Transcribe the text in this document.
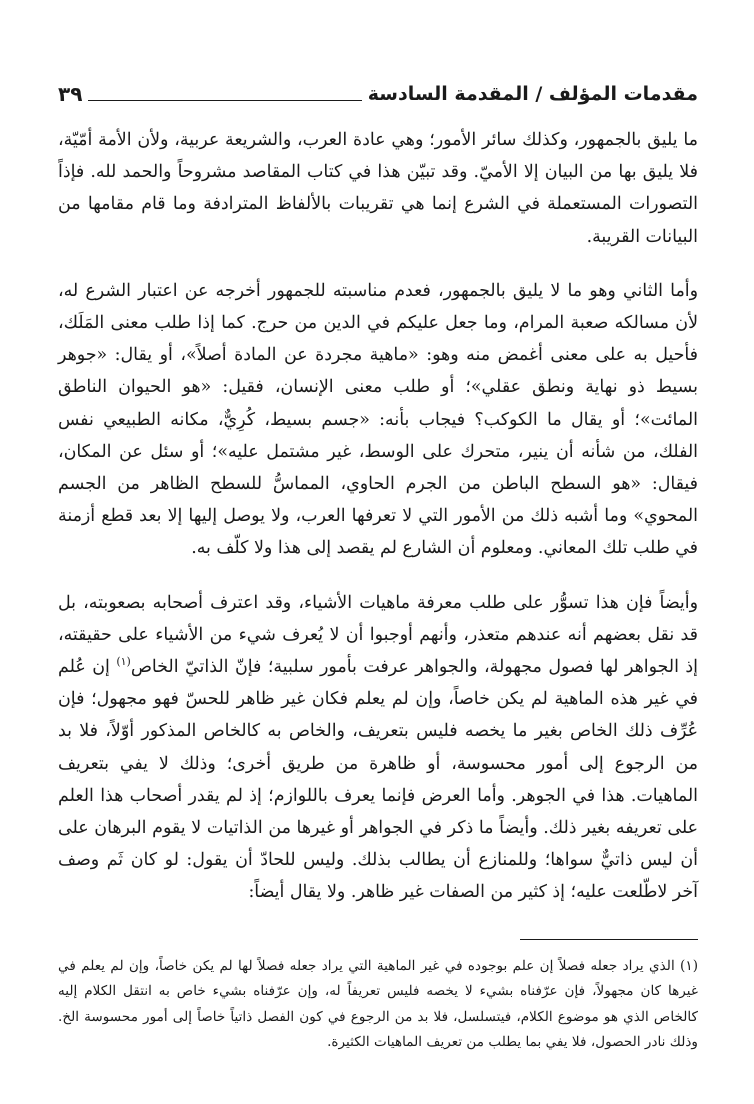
مقدمات المؤلف / المقدمة السادسة
٣٩

ما يليق بالجمهور، وكذلك سائر الأمور؛ وهي عادة العرب، والشريعة عربية، ولأن الأمة أمّيّة، فلا يليق بها من البيان إلا الأميّ. وقد تبيّن هذا في كتاب المقاصد مشروحاً والحمد لله. فإذاً التصورات المستعملة في الشرع إنما هي تقريبات بالألفاظ المترادفة وما قام مقامها من البيانات القريبة.

وأما الثاني وهو ما لا يليق بالجمهور، فعدم مناسبته للجمهور أخرجه عن اعتبار الشرع له، لأن مسالكه صعبة المرام، وما جعل عليكم في الدين من حرج. كما إذا طلب معنى المَلَك، فأحيل به على معنى أغمض منه وهو: «ماهية مجردة عن المادة أصلاً»، أو يقال: «جوهر بسيط ذو نهاية ونطق عقلي»؛ أو طلب معنى الإنسان، فقيل: «هو الحيوان الناطق المائت»؛ أو يقال ما الكوكب؟ فيجاب بأنه: «جسم بسيط، كُرِيٌّ، مكانه الطبيعي نفس الفلك، من شأنه أن ينير، متحرك على الوسط، غير مشتمل عليه»؛ أو سئل عن المكان، فيقال: «هو السطح الباطن من الجرم الحاوي، المماسُّ للسطح الظاهر من الجسم المحوي» وما أشبه ذلك من الأمور التي لا تعرفها العرب، ولا يوصل إليها إلا بعد قطع أزمنة في طلب تلك المعاني. ومعلوم أن الشارع لم يقصد إلى هذا ولا كلّف به.

وأيضاً فإن هذا تسوُّر على طلب معرفة ماهيات الأشياء، وقد اعترف أصحابه بصعوبته، بل قد نقل بعضهم أنه عندهم متعذر، وأنهم أوجبوا أن لا يُعرف شيء من الأشياء على حقيقته، إذ الجواهر لها فصول مجهولة، والجواهر عرفت بأمور سلبية؛ فإنّ الذاتيّ الخاص$^{(١)}$ إن عُلم في غير هذه الماهية لم يكن خاصاً، وإن لم يعلم فكان غير ظاهر للحسّ فهو مجهول؛ فإن عُرِّف ذلك الخاص بغير ما يخصه فليس بتعريف، والخاص به كالخاص المذكور أوّلاً، فلا بد من الرجوع إلى أمور محسوسة، أو ظاهرة من طريق أخرى؛ وذلك لا يفي بتعريف الماهيات. هذا في الجوهر. وأما العرض فإنما يعرف باللوازم؛ إذ لم يقدر أصحاب هذا العلم على تعريفه بغير ذلك. وأيضاً ما ذكر في الجواهر أو غيرها من الذاتيات لا يقوم البرهان على أن ليس ذاتيٌّ سواها؛ وللمنازع أن يطالب بذلك. وليس للحادّ أن يقول: لو كان ثَم وصف آخر لاطّلعت عليه؛ إذ كثير من الصفات غير ظاهر. ولا يقال أيضاً:

(١) الذي يراد جعله فصلاً إن علم بوجوده في غير الماهية التي يراد جعله فصلاً لها لم يكن خاصاً، وإن لم يعلم في غيرها كان مجهولاً، فإن عرّفناه بشيء لا يخصه فليس تعريفاً له، وإن عرّفناه بشيء خاص به انتقل الكلام إليه كالخاص الذي هو موضوع الكلام، فيتسلسل، فلا بد من الرجوع في كون الفصل ذاتياً خاصاً إلى أمور محسوسة الخ. وذلك نادر الحصول، فلا يفي بما يطلب من تعريف الماهيات الكثيرة.
